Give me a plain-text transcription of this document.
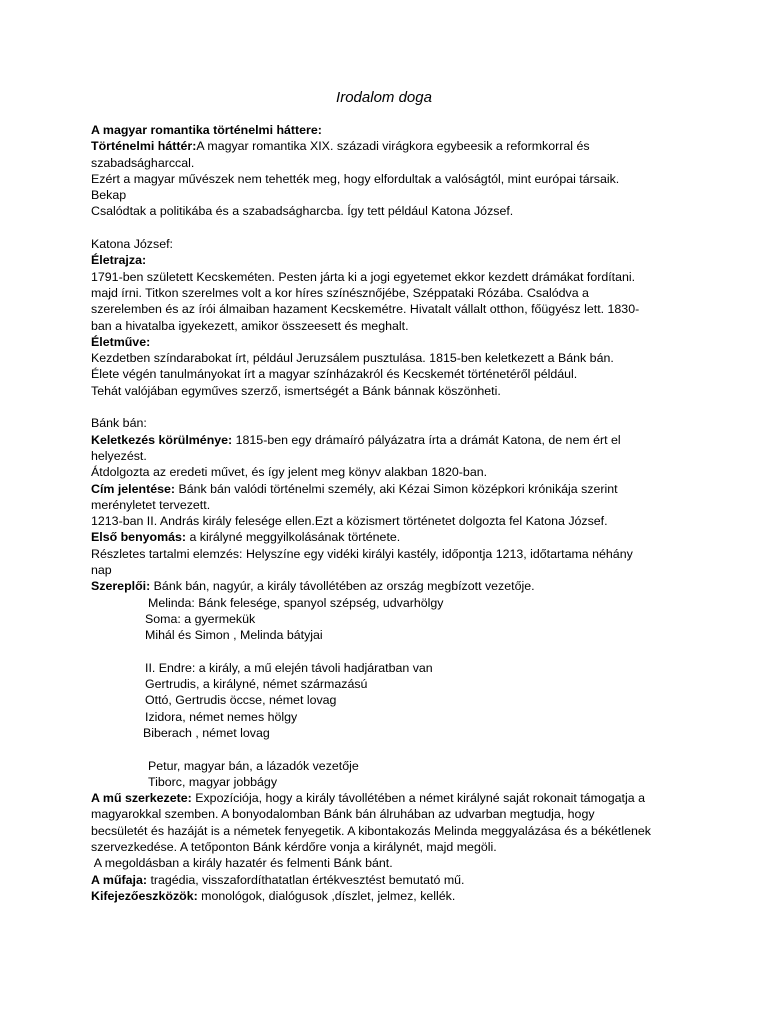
Irodalom doga
A magyar romantika történelmi háttere:
Történelmi háttér:A magyar romantika XIX. századi virágkora egybeesik a reformkorral és
szabadságharccal.
Ezért a magyar művészek nem tehették meg, hogy elfordultak a valóságtól, mint európai társaik.
Bekap
Csalódtak a politikába és a szabadságharcba. Így tett például Katona József.
Katona József:
Életrajza:
1791-ben született Kecskeméten. Pesten járta ki a jogi egyetemet ekkor kezdett drámákat fordítani.
majd írni. Titkon szerelmes volt a kor híres színésznőjébe, Széppataki Rózába. Csalódva a
szerelemben és az írói álmaiban hazament Kecskemétre. Hivatalt vállalt otthon, főügyész lett. 1830-
ban a hivatalba igyekezett, amikor összeesett és meghalt.
Életműve:
Kezdetben színdarabokat írt, például Jeruzsálem pusztulása. 1815-ben keletkezett a Bánk bán.
Élete végén tanulmányokat írt a magyar színházakról és Kecskemét történetéről például.
Tehát valójában egyműves szerző, ismertségét a Bánk bánnak köszönheti.
Bánk bán:
Keletkezés körülménye: 1815-ben egy drámaíró pályázatra írta a drámát Katona, de nem ért el
helyezést.
Átdolgozta az eredeti művet, és így jelent meg könyv alakban 1820-ban.
Cím jelentése: Bánk bán valódi történelmi személy, aki Kézai Simon középkori krónikája szerint
merényletet tervezett.
1213-ban II. András király felesége ellen.Ezt a közismert történetet dolgozta fel Katona József.
Első benyomás: a királyné meggyilkolásának története.
Részletes tartalmi elemzés: Helyszíne egy vidéki királyi kastély, időpontja 1213, időtartama néhány
nap
Szereplői: Bánk bán, nagyúr, a király távollétében az ország megbízott vezetője.
Melinda: Bánk felesége, spanyol szépség, udvarhölgy
Soma: a gyermekük
Mihál és Simon , Melinda bátyjai
II. Endre: a király, a mű elején távoli hadjáratban van
Gertrudis, a királyné, német származású
Ottó, Gertrudis öccse, német lovag
Izidora, német nemes hölgy
Biberach , német lovag
Petur, magyar bán, a lázadók vezetője
Tiborc, magyar jobbágy
A mű szerkezete: Expozíciója, hogy a király távollétében a német királyné saját rokonait támogatja a
magyarokkal szemben. A bonyodalomban Bánk bán álruhában az udvarban megtudja, hogy
becsületét és hazáját is a németek fenyegetik. A kibontakozás Melinda meggyalázása és a békétlenek
szervezkedése. A tetőponton Bánk kérdőre vonja a királynét, majd megöli.
A megoldásban a király hazatér és felmenti Bánk bánt.
A műfaja: tragédia, visszafordíthatatlan értékvesztést bemutató mű.
Kifejezőeszközök: monológok, dialógusok ,díszlet, jelmez, kellék.
